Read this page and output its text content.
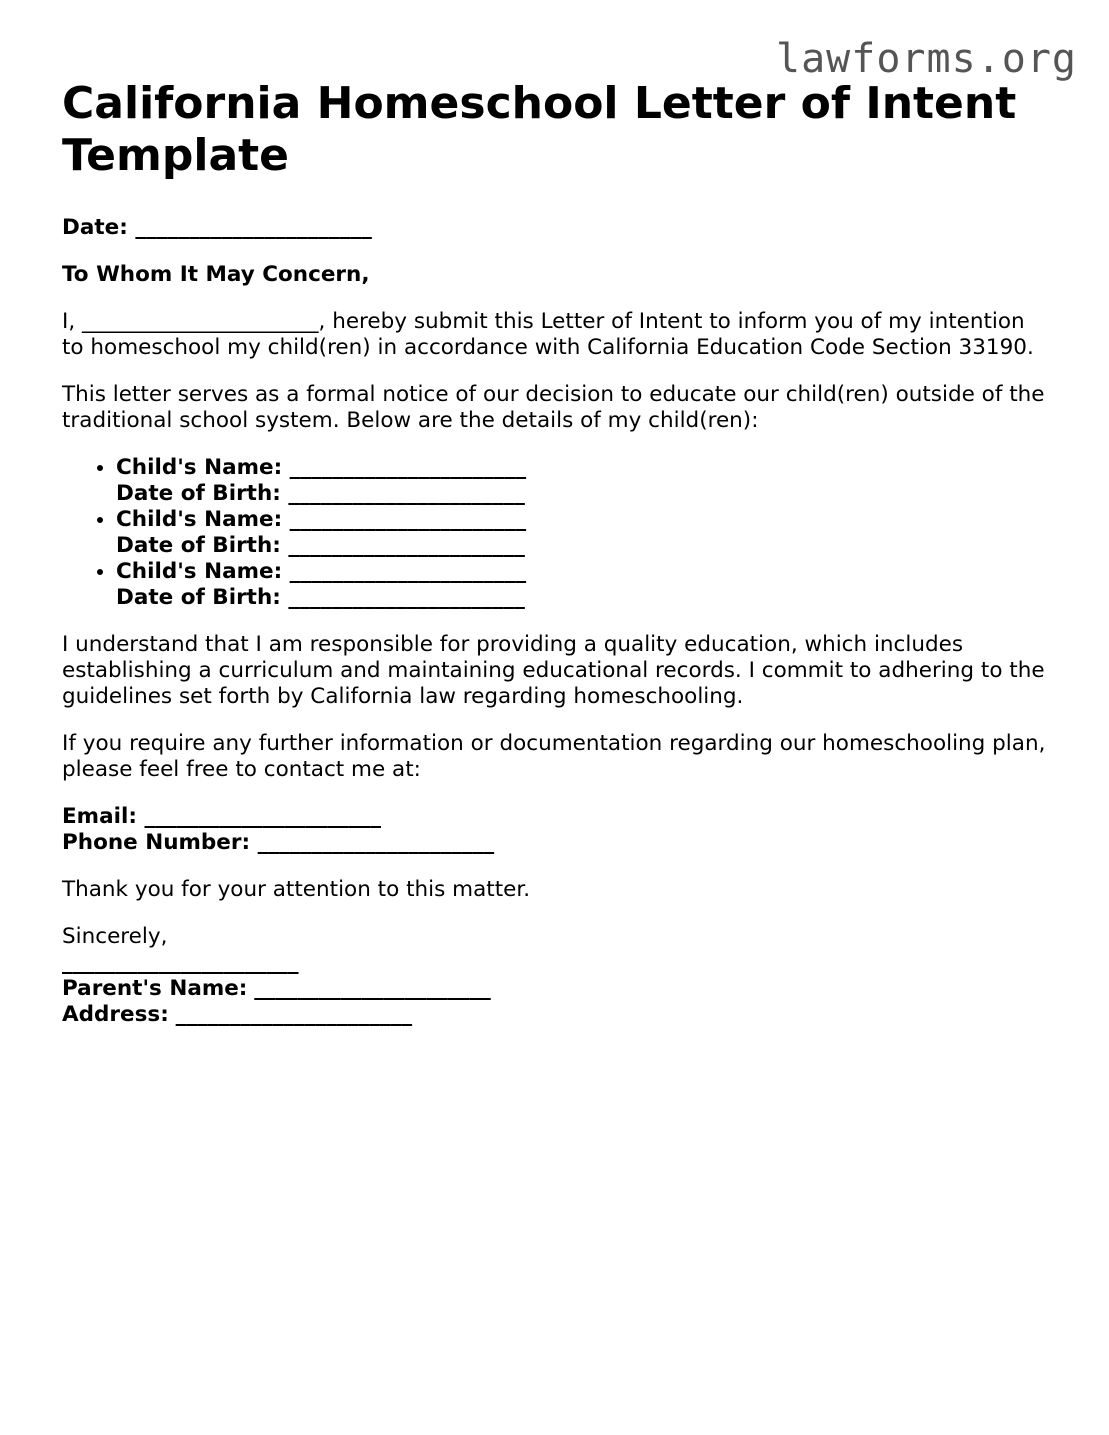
lawforms.org
California Homeschool Letter of Intent Template

Date: ______________________

To Whom It May Concern,

I, ______________________, hereby submit this Letter of Intent to inform you of my intention to homeschool my child(ren) in accordance with California Education Code Section 33190.

This letter serves as a formal notice of our decision to educate our child(ren) outside of the traditional school system. Below are the details of my child(ren):

• Child's Name: ______________________
Date of Birth: ______________________
• Child's Name: ______________________
Date of Birth: ______________________
• Child's Name: ______________________
Date of Birth: ______________________

I understand that I am responsible for providing a quality education, which includes establishing a curriculum and maintaining educational records. I commit to adhering to the guidelines set forth by California law regarding homeschooling.

If you require any further information or documentation regarding our homeschooling plan, please feel free to contact me at:

Email: ______________________
Phone Number: ______________________

Thank you for your attention to this matter.

Sincerely,
______________________
Parent's Name: ______________________
Address: ______________________
